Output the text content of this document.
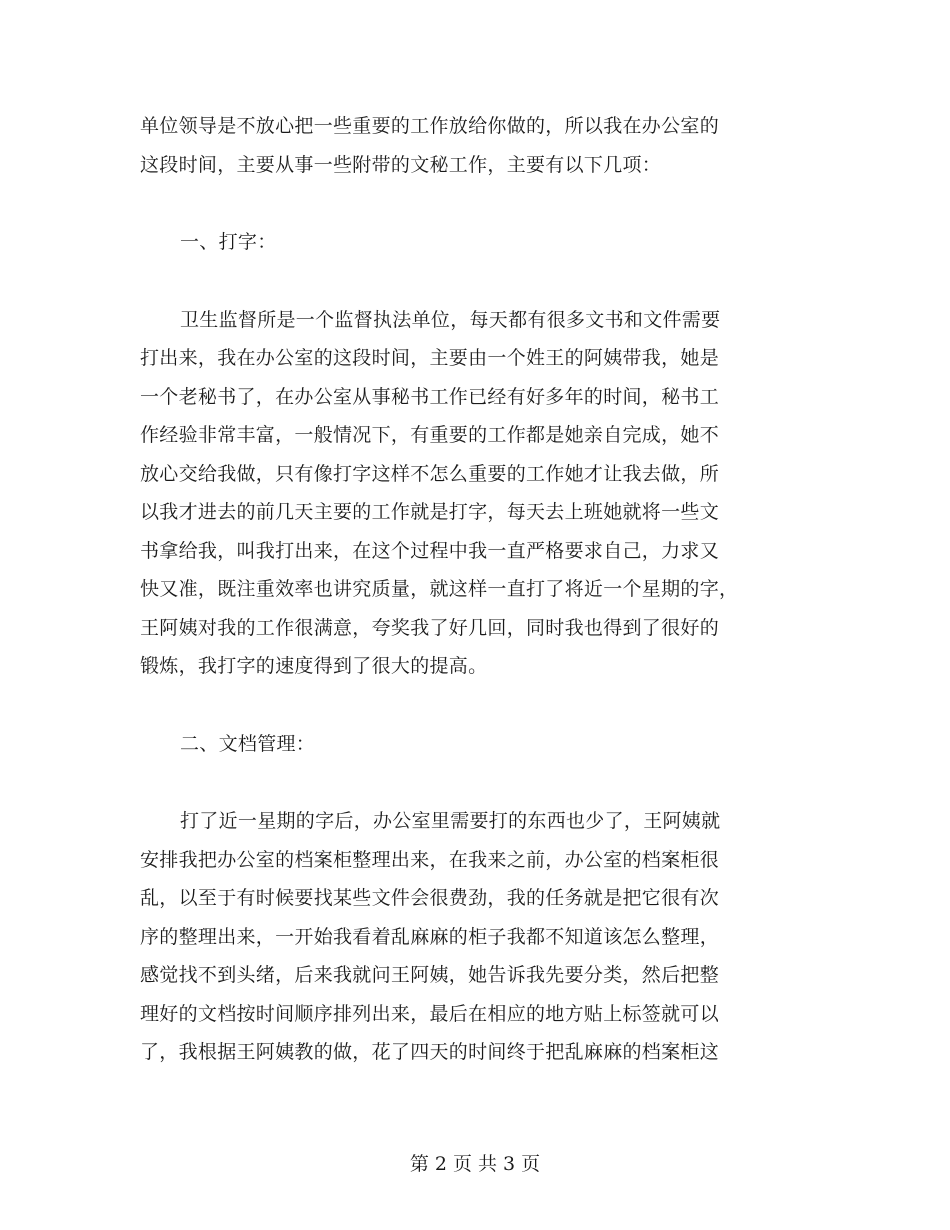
单位领导是不放心把一些重要的工作放给你做的，所以我在办公室的
这段时间，主要从事一些附带的文秘工作，主要有以下几项：
一、打字：
卫生监督所是一个监督执法单位，每天都有很多文书和文件需要
打出来，我在办公室的这段时间，主要由一个姓王的阿姨带我，她是
一个老秘书了，在办公室从事秘书工作已经有好多年的时间，秘书工
作经验非常丰富，一般情况下，有重要的工作都是她亲自完成，她不
放心交给我做，只有像打字这样不怎么重要的工作她才让我去做，所
以我才进去的前几天主要的工作就是打字，每天去上班她就将一些文
书拿给我，叫我打出来，在这个过程中我一直严格要求自己，力求又
快又准，既注重效率也讲究质量，就这样一直打了将近一个星期的字，
王阿姨对我的工作很满意，夸奖我了好几回，同时我也得到了很好的
锻炼，我打字的速度得到了很大的提高。
二、文档管理：
打了近一星期的字后，办公室里需要打的东西也少了，王阿姨就
安排我把办公室的档案柜整理出来，在我来之前，办公室的档案柜很
乱，以至于有时候要找某些文件会很费劲，我的任务就是把它很有次
序的整理出来，一开始我看着乱麻麻的柜子我都不知道该怎么整理，
感觉找不到头绪，后来我就问王阿姨，她告诉我先要分类，然后把整
理好的文档按时间顺序排列出来，最后在相应的地方贴上标签就可以
了，我根据王阿姨教的做，花了四天的时间终于把乱麻麻的档案柜这
第 2 页 共 3 页
